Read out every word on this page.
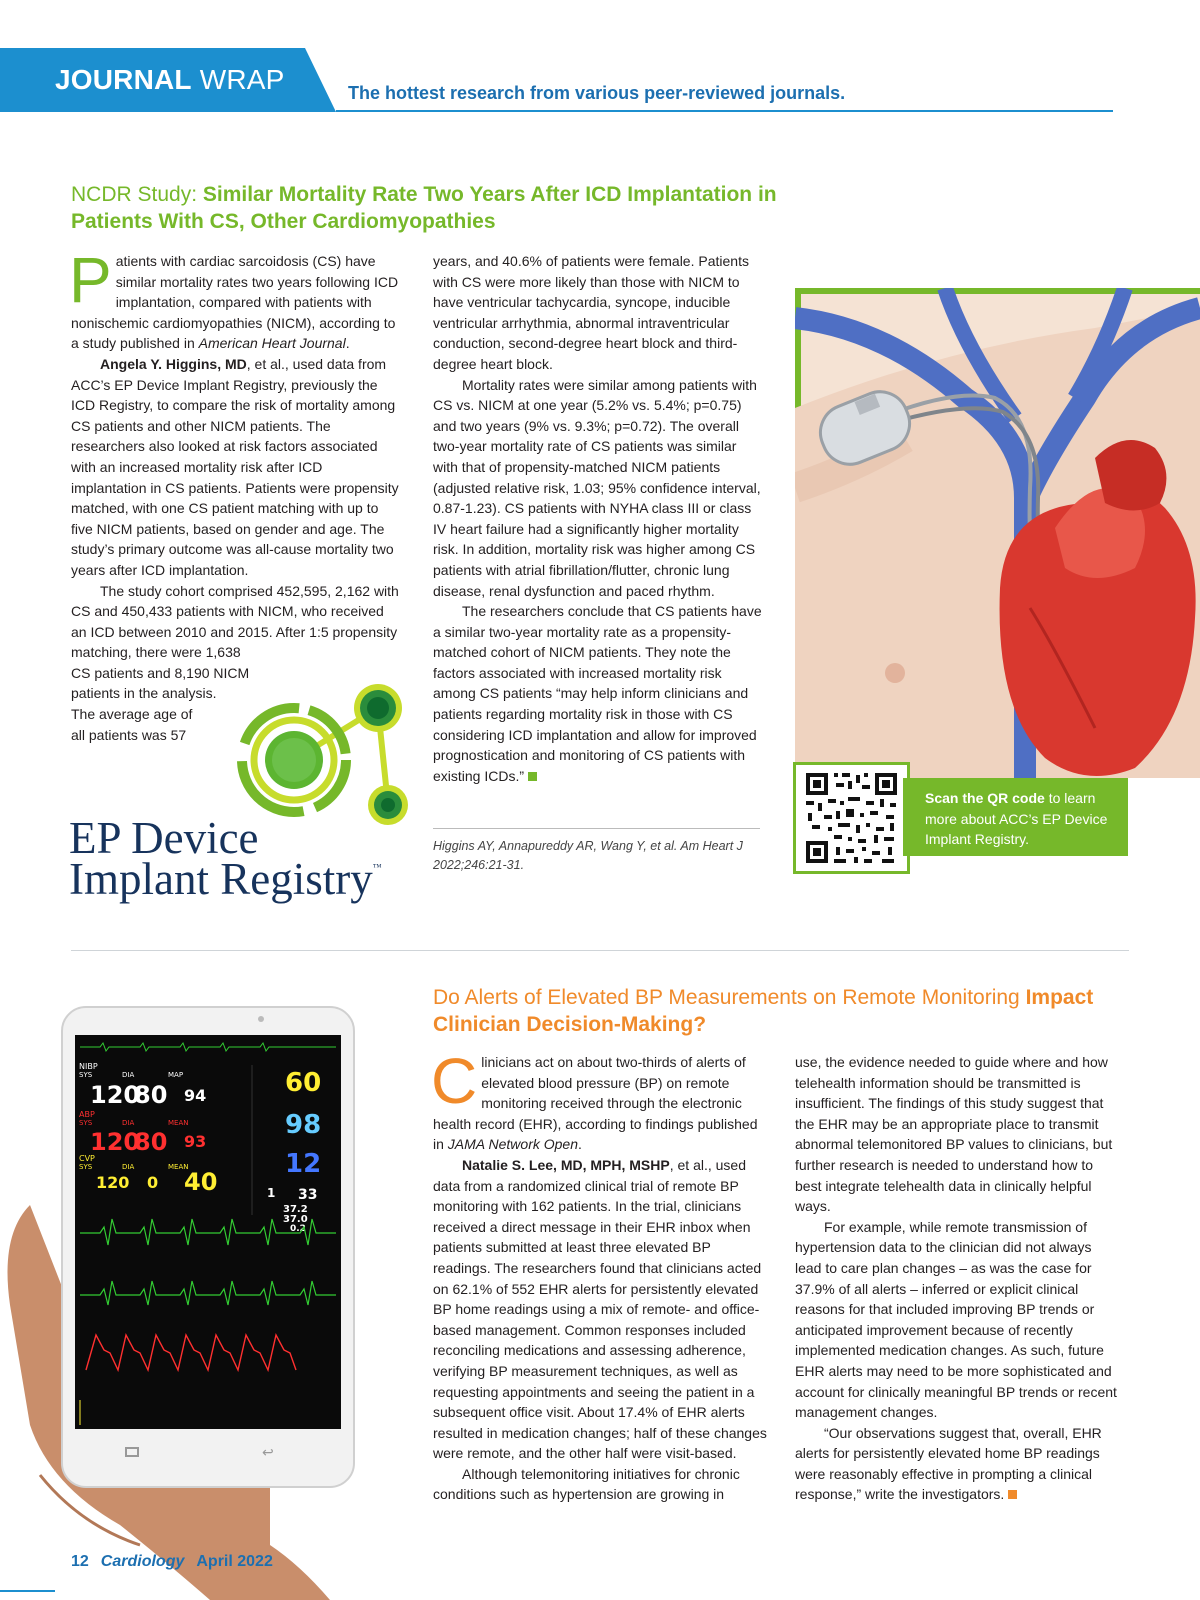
JOURNAL WRAP	The hottest research from various peer-reviewed journals.
NCDR Study: Similar Mortality Rate Two Years After ICD Implantation in Patients With CS, Other Cardiomyopathies

Patients with cardiac sarcoidosis (CS) have similar mortality rates two years following ICD implantation, compared with patients with nonischemic cardiomyopathies (NICM), according to a study published in American Heart Journal.

Angela Y. Higgins, MD, et al., used data from ACC’s EP Device Implant Registry, previously the ICD Registry, to compare the risk of mortality among CS patients and other NICM patients. The researchers also looked at risk factors associated with an increased mortality risk after ICD implantation in CS patients. Patients were propensity matched, with one CS patient matching with up to five NICM patients, based on gender and age. The study’s primary outcome was all-cause mortality two years after ICD implantation.

The study cohort comprised 452,595, 2,162 with CS and 450,433 patients with NICM, who received an ICD between 2010 and 2015. After 1:5 propensity matching, there were 1,638

CS patients and 8,190 NICM

patients in the analysis.

The average age of

all patients was 57

years, and 40.6% of patients were female. Patients with CS were more likely than those with NICM to have ventricular tachycardia, syncope, inducible ventricular arrhythmia, abnormal intraventricular conduction, second-degree heart block and third-degree heart block.

Mortality rates were similar among patients with CS vs. NICM at one year (5.2% vs. 5.4%; p=0.75) and two years (9% vs. 9.3%; p=0.72). The overall two-year mortality rate of CS patients was similar with that of propensity-matched NICM patients (adjusted relative risk, 1.03; 95% confidence interval, 0.87-1.23). CS patients with NYHA class III or class IV heart failure had a significantly higher mortality risk. In addition, mortality risk was higher among CS patients with atrial fibrillation/flutter, chronic lung disease, renal dysfunction and paced rhythm.

The researchers conclude that CS patients have a similar two-year mortality rate as a propensity-matched cohort of NICM patients. They note the factors associated with increased mortality risk among CS patients “may help inform clinicians and patients regarding mortality risk in those with CS considering ICD implantation and allow for improved prognostication and monitoring of CS patients with existing ICDs.”

Higgins AY, Annapureddy AR, Wang Y, et al. Am Heart J 2022;246:21-31.
EP Device
Implant Registry™
Scan the QR code to learn more about ACC’s EP Device Implant Registry.
Do Alerts of Elevated BP Measurements on Remote Monitoring Impact Clinician Decision-Making?

Clinicians act on about two-thirds of alerts of elevated blood pressure (BP) on remote monitoring received through the electronic health record (EHR), according to findings published in JAMA Network Open.

Natalie S. Lee, MD, MPH, MSHP, et al., used data from a randomized clinical trial of remote BP monitoring with 162 patients. In the trial, clinicians received a direct message in their EHR inbox when patients submitted at least three elevated BP readings. The researchers found that clinicians acted on 62.1% of 552 EHR alerts for persistently elevated BP home readings using a mix of remote- and office-based management. Common responses included reconciling medications and assessing adherence, verifying BP measurement techniques, as well as requesting appointments and seeing the patient in a subsequent office visit. About 17.4% of EHR alerts resulted in medication changes; half of these changes were remote, and the other half were visit-based.

Although telemonitoring initiatives for chronic conditions such as hypertension are growing in

use, the evidence needed to guide where and how telehealth information should be transmitted is insufficient. The findings of this study suggest that the EHR may be an appropriate place to transmit abnormal telemonitored BP values to clinicians, but further research is needed to understand how to best integrate telehealth data in clinically helpful ways.

For example, while remote transmission of hypertension data to the clinician did not always lead to care plan changes – as was the case for 37.9% of all alerts – inferred or explicit clinical reasons for that included improving BP trends or anticipated improvement because of recently implemented medication changes. As such, future EHR alerts may need to be more sophisticated and account for clinically meaningful BP trends or recent management changes.

“Our observations suggest that, overall, EHR alerts for persistently elevated home BP readings were reasonably effective in prompting a clinical response,” write the investigators.

↩
NIBP
SYS	DIA	MAP
120
80 94
ABP
SYS	DIA	MEAN
120
80 93
CVP
SYS	DIA	MEAN
120 0 40
60
98
12
1 33
37.2
37.0
0.2
12 Cardiology April 2022
